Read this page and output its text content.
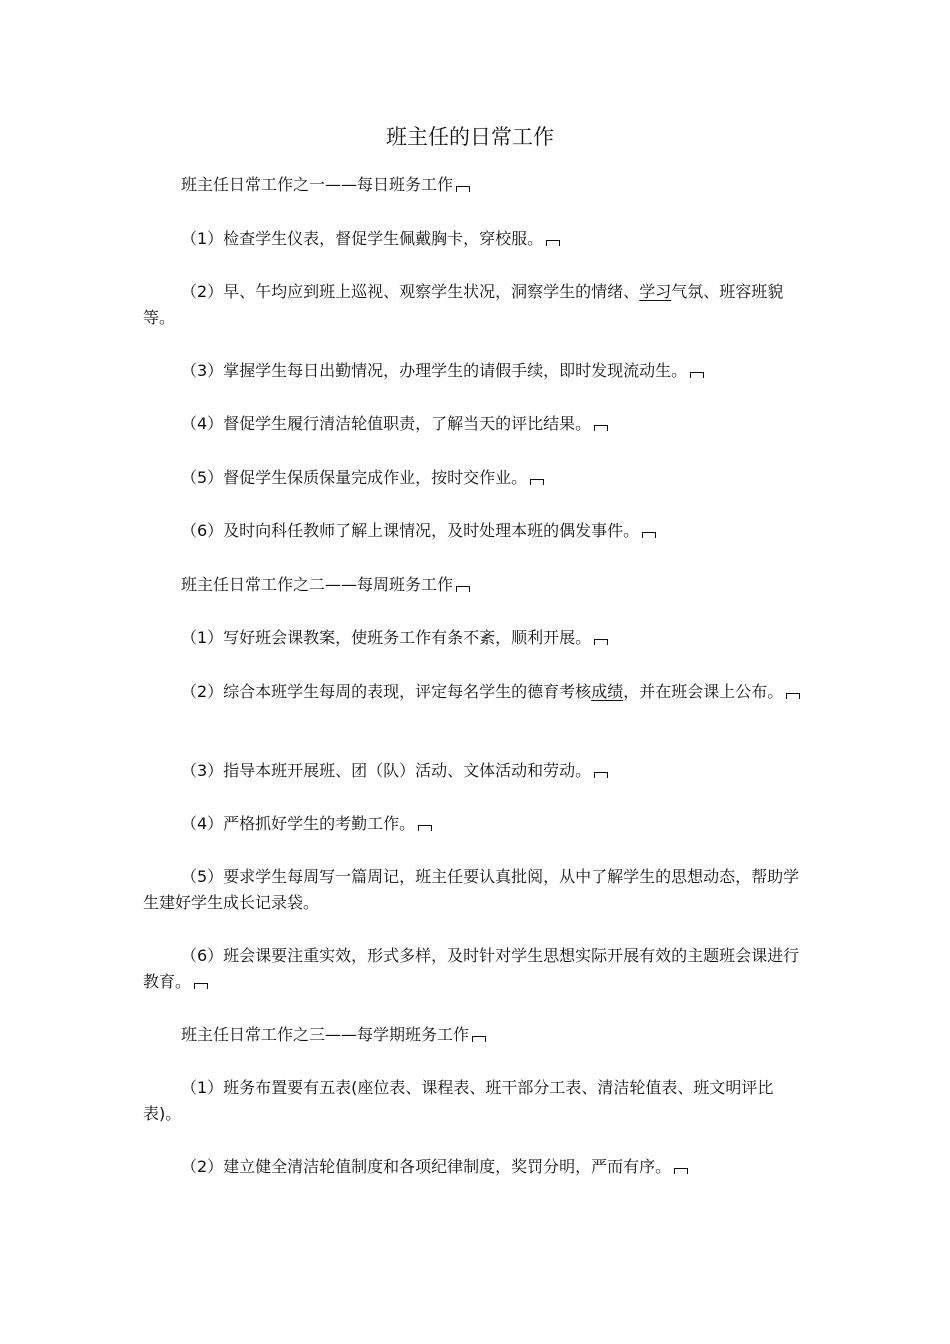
班主任的日常工作
班主任日常工作之一——每日班务工作
（1）检查学生仪表，督促学生佩戴胸卡，穿校服。
（2）早、午均应到班上巡视、观察学生状况，洞察学生的情绪、学习气氛、班容班貌等。
（3）掌握学生每日出勤情况，办理学生的请假手续，即时发现流动生。
（4）督促学生履行清洁轮值职责，了解当天的评比结果。
（5）督促学生保质保量完成作业，按时交作业。
（6）及时向科任教师了解上课情况，及时处理本班的偶发事件。
班主任日常工作之二——每周班务工作
（1）写好班会课教案，使班务工作有条不紊，顺利开展。
（2）综合本班学生每周的表现，评定每名学生的德育考核成绩，并在班会课上公布。
（3）指导本班开展班、团（队）活动、文体活动和劳动。
（4）严格抓好学生的考勤工作。
（5）要求学生每周写一篇周记，班主任要认真批阅，从中了解学生的思想动态，帮助学生建好学生成长记录袋。
（6）班会课要注重实效，形式多样，及时针对学生思想实际开展有效的主题班会课进行教育。
班主任日常工作之三——每学期班务工作
（1）班务布置要有五表(座位表、课程表、班干部分工表、清洁轮值表、班文明评比表)。
（2）建立健全清洁轮值制度和各项纪律制度，奖罚分明，严而有序。
